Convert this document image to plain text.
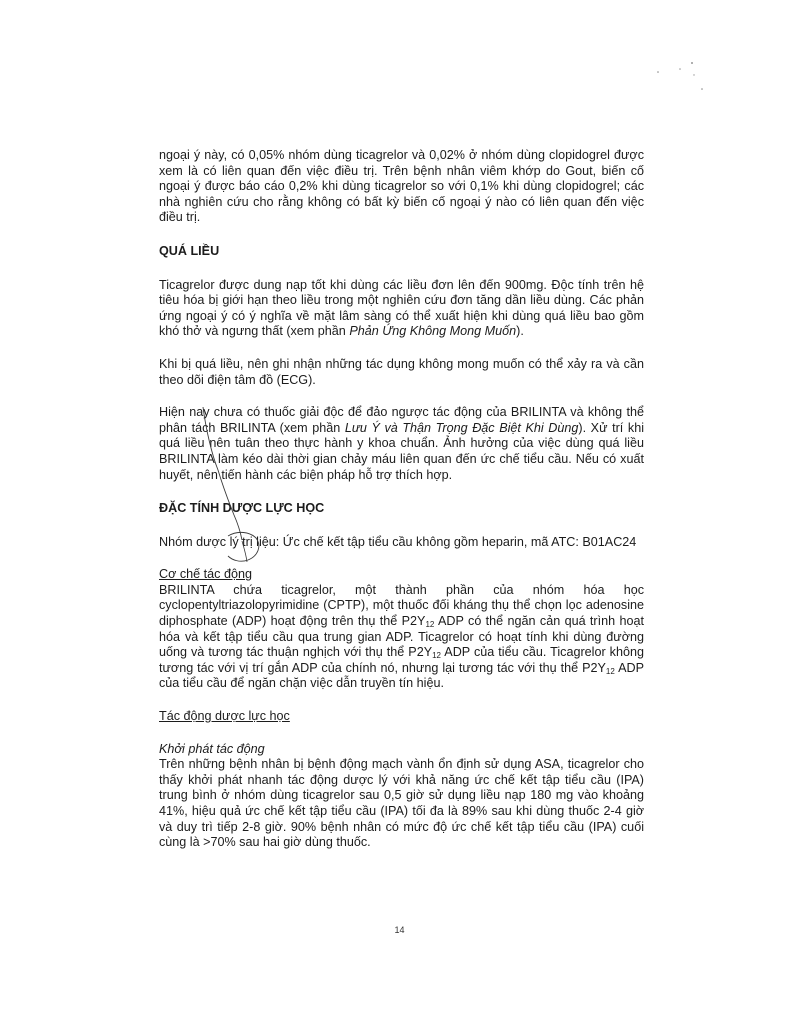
ngoại ý này, có 0,05% nhóm dùng ticagrelor và 0,02% ở nhóm dùng clopidogrel được xem là có liên quan đến việc điều trị. Trên bệnh nhân viêm khớp do Gout, biến cố ngoại ý được báo cáo 0,2% khi dùng ticagrelor so với 0,1% khi dùng clopidogrel; các nhà nghiên cứu cho rằng không có bất kỳ biến cố ngoại ý nào có liên quan đến việc điều trị.

QUÁ LIỀU

Ticagrelor được dung nạp tốt khi dùng các liều đơn lên đến 900mg. Độc tính trên hệ tiêu hóa bị giới hạn theo liều trong một nghiên cứu đơn tăng dần liều dùng. Các phản ứng ngoại ý có ý nghĩa về mặt lâm sàng có thể xuất hiện khi dùng quá liều bao gồm khó thở và ngưng thất (xem phần Phản Ứng Không Mong Muốn).

Khi bị quá liều, nên ghi nhận những tác dụng không mong muốn có thể xảy ra và cần theo dõi điện tâm đồ (ECG).

Hiện nay chưa có thuốc giải độc để đảo ngược tác động của BRILINTA và không thể phân tách BRILINTA (xem phần Lưu Ý và Thận Trọng Đặc Biệt Khi Dùng). Xử trí khi quá liều nên tuân theo thực hành y khoa chuẩn. Ảnh hưởng của việc dùng quá liều BRILINTA làm kéo dài thời gian chảy máu liên quan đến ức chế tiểu cầu. Nếu có xuất huyết, nên tiến hành các biện pháp hỗ trợ thích hợp.

ĐẶC TÍNH DƯỢC LỰC HỌC

Nhóm dược lý trị liệu: Ức chế kết tập tiểu cầu không gồm heparin, mã ATC: B01AC24

Cơ chế tác động

BRILINTA chứa ticagrelor, một thành phần của nhóm hóa học cyclopentyltriazolopyrimidine (CPTP), một thuốc đối kháng thụ thể chọn lọc adenosine diphosphate (ADP) hoạt động trên thụ thể $P2Y_{12}$ ADP có thể ngăn cản quá trình hoạt hóa và kết tập tiểu cầu qua trung gian ADP. Ticagrelor có hoạt tính khi dùng đường uống và tương tác thuận nghịch với thụ thể $P2Y_{12}$ ADP của tiểu cầu. Ticagrelor không tương tác với vị trí gắn ADP của chính nó, nhưng lại tương tác với thụ thể $P2Y_{12}$ ADP của tiểu cầu để ngăn chặn việc dẫn truyền tín hiệu.

Tác động dược lực học

Khởi phát tác động

Trên những bệnh nhân bị bệnh động mạch vành ổn định sử dụng ASA, ticagrelor cho thấy khởi phát nhanh tác động dược lý với khả năng ức chế kết tập tiểu cầu (IPA) trung bình ở nhóm dùng ticagrelor sau 0,5 giờ sử dụng liều nạp 180 mg vào khoảng 41%, hiệu quả ức chế kết tập tiểu cầu (IPA) tối đa là 89% sau khi dùng thuốc 2-4 giờ và duy trì tiếp 2-8 giờ. 90% bệnh nhân có mức độ ức chế kết tập tiểu cầu (IPA) cuối cùng là >70% sau hai giờ dùng thuốc.

14
